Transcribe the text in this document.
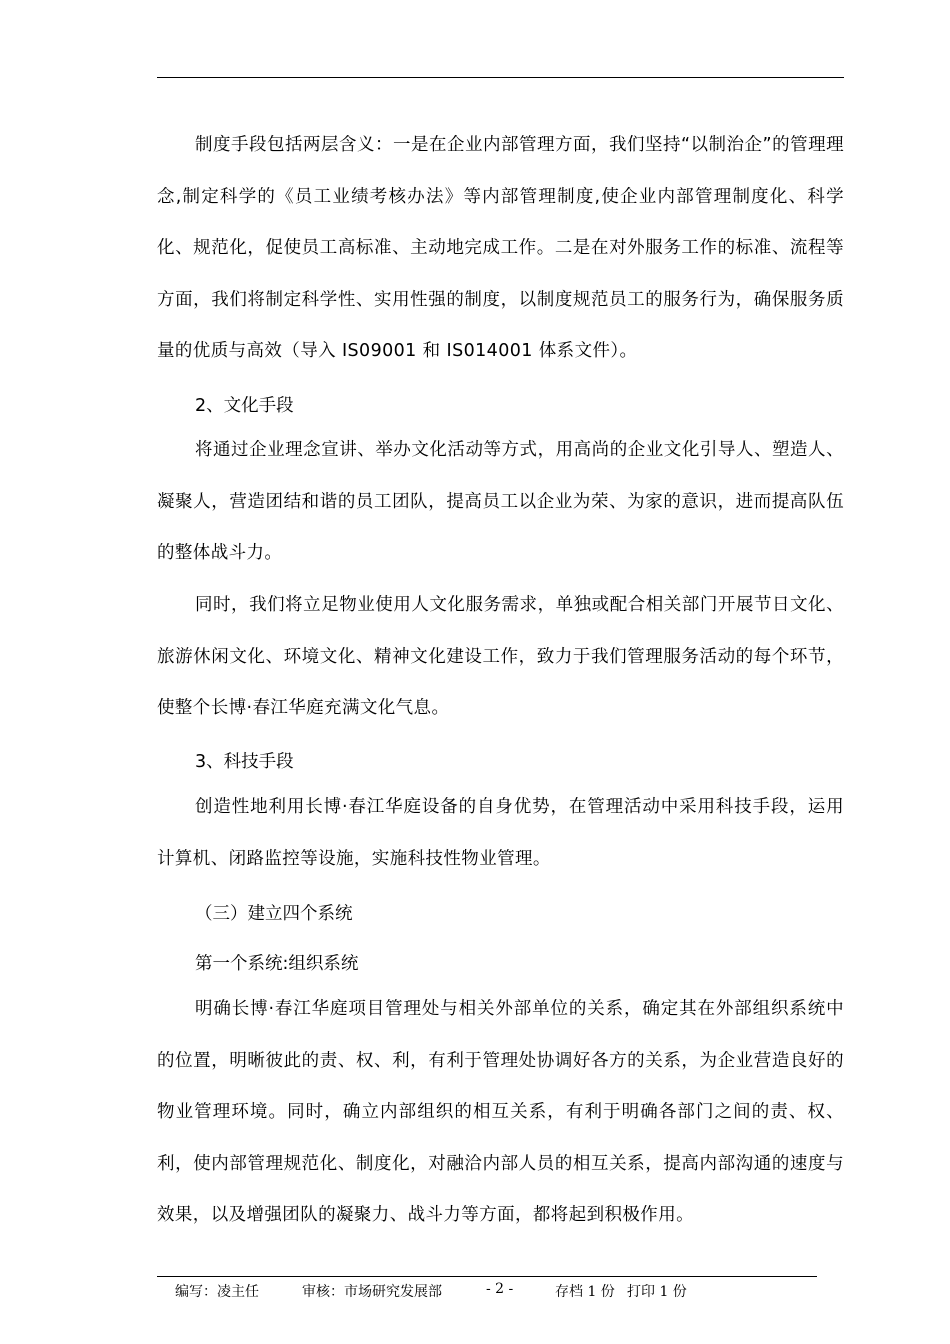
制度手段包括两层含义：一是在企业内部管理方面，我们坚持“以制治企”的管理理念,制定科学的《员工业绩考核办法》等内部管理制度,使企业内部管理制度化、科学化、规范化，促使员工高标准、主动地完成工作。二是在对外服务工作的标准、流程等方面，我们将制定科学性、实用性强的制度，以制度规范员工的服务行为，确保服务质量的优质与高效（导入 IS09001 和 IS014001 体系文件）。

2、文化手段

将通过企业理念宣讲、举办文化活动等方式，用高尚的企业文化引导人、塑造人、凝聚人，营造团结和谐的员工团队，提高员工以企业为荣、为家的意识，进而提高队伍的整体战斗力。

同时，我们将立足物业使用人文化服务需求，单独或配合相关部门开展节日文化、旅游休闲文化、环境文化、精神文化建设工作，致力于我们管理服务活动的每个环节，使整个长博·春江华庭充满文化气息。

3、科技手段

创造性地利用长博·春江华庭设备的自身优势，在管理活动中采用科技手段，运用计算机、闭路监控等设施，实施科技性物业管理。

（三）建立四个系统

第一个系统:组织系统

明确长博·春江华庭项目管理处与相关外部单位的关系，确定其在外部组织系统中的位置，明晰彼此的责、权、利，有利于管理处协调好各方的关系，为企业营造良好的物业管理环境。同时，确立内部组织的相互关系，有利于明确各部门之间的责、权、利，使内部管理规范化、制度化，对融洽内部人员的相互关系，提高内部沟通的速度与效果，以及增强团队的凝聚力、战斗力等方面，都将起到积极作用。

编写：凌主任	审核：市场研究发展部	- 2 -	存档 1 份 打印 1 份
